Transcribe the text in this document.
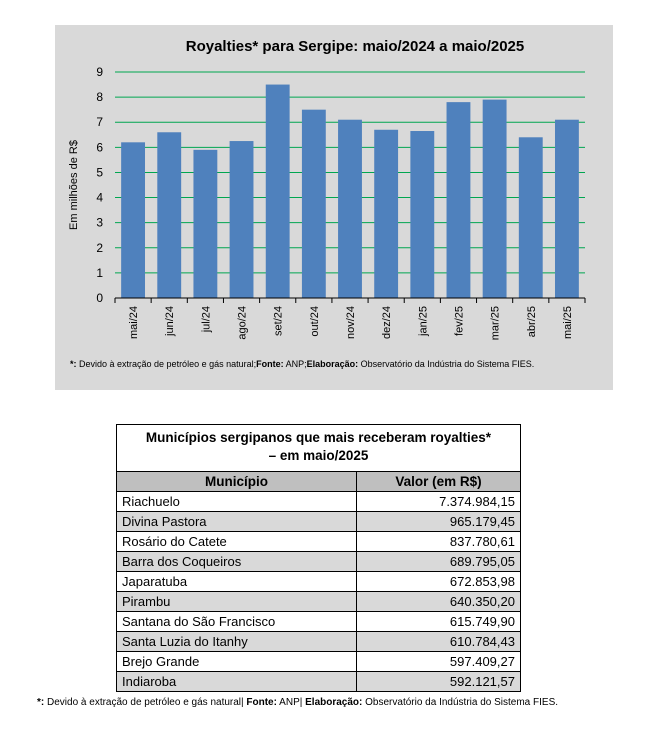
Royalties* para Sergipe: maio/2024 a maio/2025
0
1
2
3
4
5
6
7
8
9
Em milhões de R$
mai/24 jun/24 jul/24 ago/24 set/24 out/24 nov/24 dez/24 jan/25 fev/25 mar/25 abr/25 mai/25
*: Devido à extração de petróleo e gás natural;Fonte: ANP;Elaboração: Observatório da Indústria do Sistema FIES.
Municípios sergipanos que mais receberam royalties*
– em maio/2025	
Município	Valor (em R$)
Riachuelo	7.374.984,15
Divina Pastora	965.179,45
Rosário do Catete	837.780,61
Barra dos Coqueiros	689.795,05
Japaratuba	672.853,98
Pirambu	640.350,20
Santana do São Francisco	615.749,90
Santa Luzia do Itanhy	610.784,43
Brejo Grande	597.409,27
Indiaroba	592.121,57
*: Devido à extração de petróleo e gás natural| Fonte: ANP| Elaboração: Observatório da Indústria do Sistema FIES.
